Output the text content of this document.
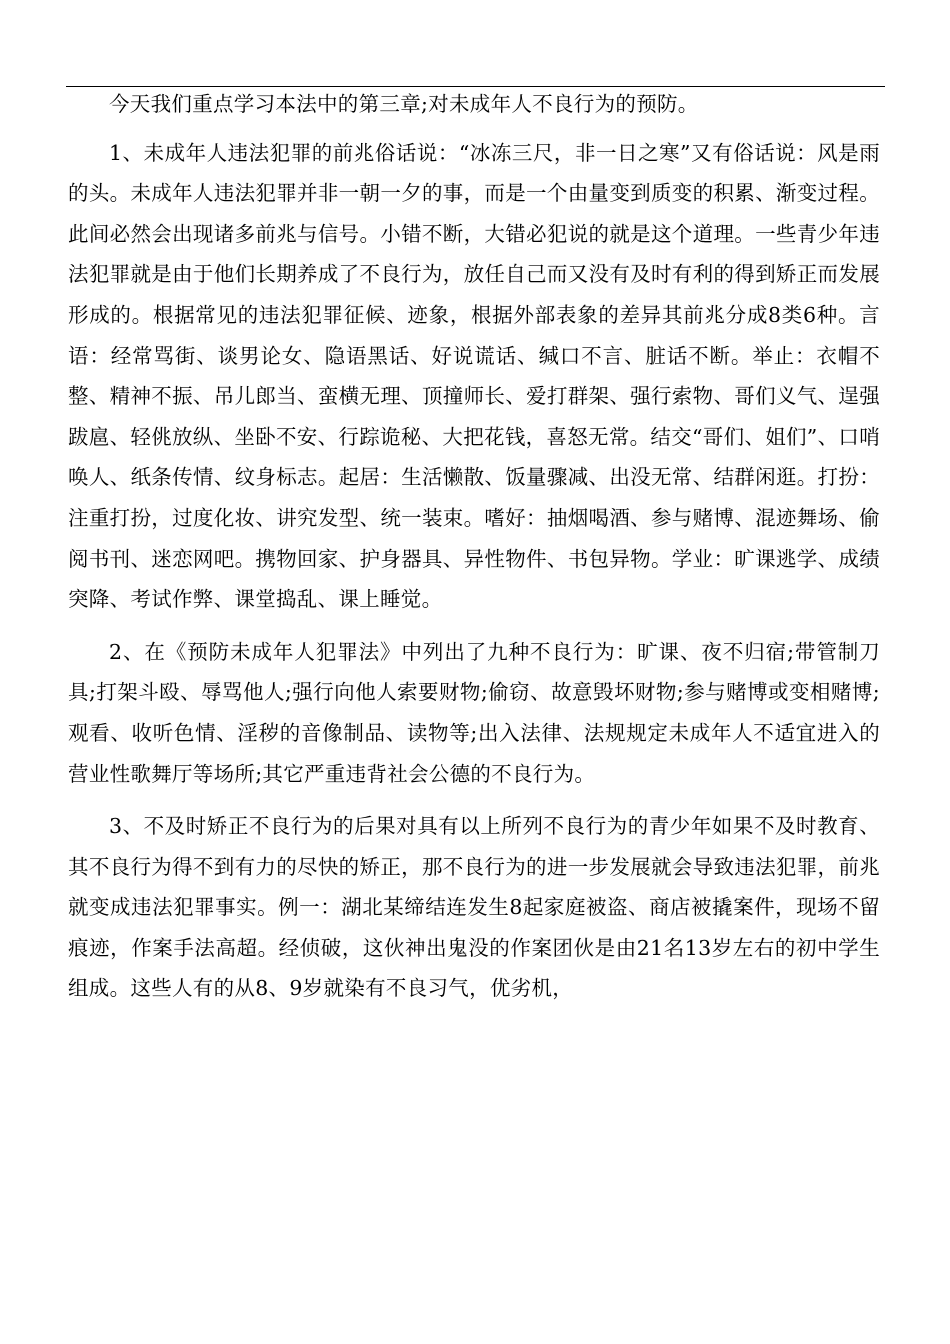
今天我们重点学习本法中的第三章;对未成年人不良行为的预防。

1、未成年人违法犯罪的前兆俗话说：“冰冻三尺，非一日之寒”又有俗话说：风是雨的头。未成年人违法犯罪并非一朝一夕的事，而是一个由量变到质变的积累、渐变过程。此间必然会出现诸多前兆与信号。小错不断，大错必犯说的就是这个道理。一些青少年违法犯罪就是由于他们长期养成了不良行为，放任自己而又没有及时有利的得到矫正而发展形成的。根据常见的违法犯罪征候、迹象，根据外部表象的差异其前兆分成8类6种。言语：经常骂街、谈男论女、隐语黑话、好说谎话、缄口不言、脏话不断。举止：衣帽不整、精神不振、吊儿郎当、蛮横无理、顶撞师长、爱打群架、强行索物、哥们义气、逞强跋扈、轻佻放纵、坐卧不安、行踪诡秘、大把花钱，喜怒无常。结交“哥们、姐们”、口哨唤人、纸条传情、纹身标志。起居：生活懒散、饭量骤减、出没无常、结群闲逛。打扮：注重打扮，过度化妆、讲究发型、统一装束。嗜好：抽烟喝酒、参与赌博、混迹舞场、偷阅书刊、迷恋网吧。携物回家、护身器具、异性物件、书包异物。学业：旷课逃学、成绩突降、考试作弊、课堂捣乱、课上睡觉。

2、在《预防未成年人犯罪法》中列出了九种不良行为：旷课、夜不归宿;带管制刀具;打架斗殴、辱骂他人;强行向他人索要财物;偷窃、故意毁坏财物;参与赌博或变相赌博;观看、收听色情、淫秽的音像制品、读物等;出入法律、法规规定未成年人不适宜进入的营业性歌舞厅等场所;其它严重违背社会公德的不良行为。

3、不及时矫正不良行为的后果对具有以上所列不良行为的青少年如果不及时教育、其不良行为得不到有力的尽快的矫正，那不良行为的进一步发展就会导致违法犯罪，前兆就变成违法犯罪事实。例一：湖北某缔结连发生8起家庭被盗、商店被撬案件，现场不留痕迹，作案手法高超。经侦破，这伙神出鬼没的作案团伙是由21名13岁左右的初中学生组成。这些人有的从8、9岁就染有不良习气，优劣机，
